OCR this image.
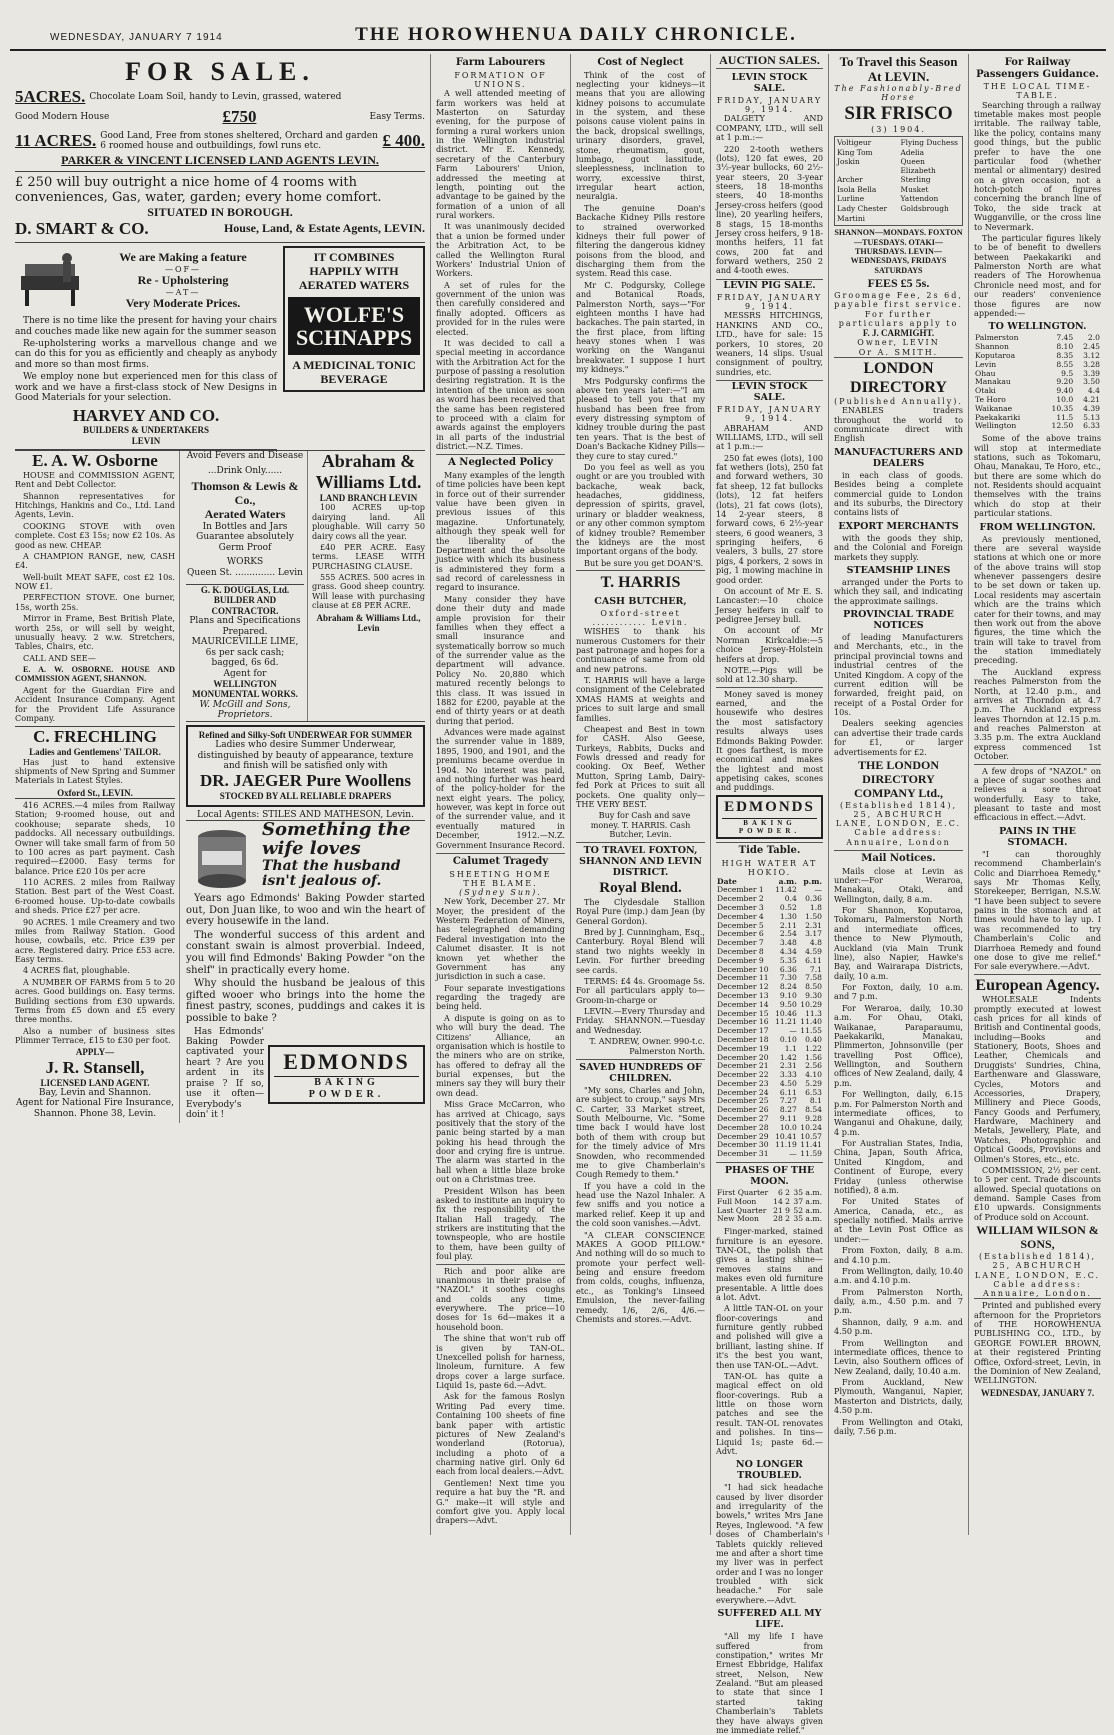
WEDNESDAY, JANUARY 7 1914	THE HOROWHENUA DAILY CHRONICLE.
FOR SALE.
5ACRES. Chocolate Loam Soil, handy to Levin, grassed, watered
Good Modern House	£750	Easy Terms.
11 ACRES. Good Land, Free from stones sheltered, Orchard and garden 6 roomed house and outbuildings, fowl runs etc.	£ 400.
PARKER & VINCENT LICENSED LAND AGENTS LEVIN.
£ 250 will buy outright a nice home of 4 rooms with conveniences, Gas, water, garden; every home comfort.
SITUATED IN BOROUGH.
D. SMART & CO.	House, Land, & Estate Agents, LEVIN.
We are Making a feature
—OF—
Re - Upholstering
—AT—
Very Moderate Prices.

There is no time like the present for having your chairs and couches made like new again for the summer season

Re-upholstering works a marvellous change and we can do this for you as efficiently and cheaply as anybody and more so than most firms.

We employ none but experienced men for this class of work and we have a first-class stock of New Designs in Good Materials for your selection.

HARVEY AND CO.
BUILDERS & UNDERTAKERS
LEVIN
IT COMBINES HAPPILY WITH AERATED WATERS
WOLFE'S SCHNAPPS
A MEDICINAL TONIC BEVERAGE
E. A. W. Osborne

HOUSE and COMMISSION AGENT, Rent and Debt Collector.

Shannon representatives for Hitchings, Hankins and Co., Ltd. Land Agents, Levin.

COOKING STOVE with oven complete. Cost £3 15s; now £2 10s. As good as new. CHEAP.

A CHAMPION RANGE, new, CASH £4.

Well-built MEAT SAFE, cost £2 10s. NOW £1.

PERFECTION STOVE. One burner, 15s, worth 25s.

Mirror in Frame, Best British Plate, worth 25s, or will sell by weight, unusually heavy. 2 w.w. Stretchers, Tables, Chairs, etc.

CALL AND SEE—

E. A. W. OSBORNE. HOUSE AND COMMISSION AGENT, SHANNON.

Agent for the Guardian Fire and Accident Insurance Company. Agent for the Provident Life Assurance Company.

C. FRECHLING
Ladies and Gentlemens' TAILOR.

Has just to hand extensive shipments of New Spring and Summer Materials in Latest Styles.

Oxford St., LEVIN.

416 ACRES.—4 miles from Railway Station; 9-roomed house, out and cookhouse; separate sheds, 10 paddocks. All necessary outbuildings. Owner will take small farm of from 50 to 100 acres as part payment. Cash required—£2000. Easy terms for balance. Price £20 10s per acre

110 ACRES. 2 miles from Railway Station. Best part of the West Coast. 6-roomed house. Up-to-date cowbails and sheds. Price £27 per acre.

90 ACRES. 1 mile Creamery and two miles from Railway Station. Good house, cowbails, etc. Price £39 per acre. Registered dairy. Price £53 acre. Easy terms.

4 ACRES flat, ploughable.

A NUMBER OF FARMS from 5 to 20 acres. Good buildings on. Easy terms. Building sections from £30 upwards. Terms from £5 down and £5 every three months.

Also a number of business sites Plimmer Terrace, £15 to £30 per foot.

APPLY—
J. R. Stansell,
LICENSED LAND AGENT.
Bay, Levin and Shannon.
Agent for National Fire Insurance, Shannon. Phone 38, Levin.
Avoid Fevers and Disease
...Drink Only......
Thomson & Lewis & Co.,
Aerated Waters
In Bottles and Jars
Guarantee absolutely Germ Proof
WORKS
Queen St. .............. Levin
G. K. DOUGLAS, Ltd.
BUILDER AND CONTRACTOR.
Plans and Specifications Prepared. MAURICEVILLE LIME, 6s per sack cash; bagged, 6s 6d.
Agent for
WELLINGTON MONUMENTAL WORKS.
W. McGill and Sons, Proprietors.
Abraham & Williams Ltd.
LAND BRANCH LEVIN

100 ACRES up-top dairying land. All ploughable. Will carry 50 dairy cows all the year.

£40 PER ACRE. Easy terms. LEASE WITH PURCHASING CLAUSE.

555 ACRES. 500 acres in grass. Good sheep country. Will lease with purchasing clause at £8 PER ACRE.

Abraham & Williams Ltd., Levin
Refined and Silky-Soft UNDERWEAR FOR SUMMER
Ladies who desire Summer Underwear, distinguished by beauty of appearance, texture and finish will be satisfied only with
DR. JAEGER Pure Woollens
STOCKED BY ALL RELIABLE DRAPERS
Local Agents: STILES AND MATHESON, Levin.
Something the wife loves
That the husband isn't jealous of.

Years ago Edmonds' Baking Powder started out, Don Juan like, to woo and win the heart of every housewife in the land.

The wonderful success of this ardent and constant swain is almost proverbial. Indeed, you will find Edmonds' Baking Powder "on the shelf" in practically every home.

Why should the husband be jealous of this gifted wooer who brings into the home the finest pastry, scones, puddings and cakes it is possible to bake ?

Has Edmonds' Baking Powder captivated your heart ? Are you ardent in its praise ? If so, use it often—Everybody's doin' it !

EDMONDS
BAKING POWDER.
Farm Labourers
FORMATION OF UNIONS.

A well attended meeting of farm workers was held at Masterton on Saturday evening, for the purpose of forming a rural workers union in the Wellington industrial district. Mr E. Kennedy, secretary of the Canterbury Farm Labourers' Union, addressed the meeting at length, pointing out the advantage to be gained by the formation of a union of all rural workers.

It was unanimously decided that a union be formed under the Arbitration Act, to be called the Wellington Rural Workers' Industrial Union of Workers.

A set of rules for the government of the union was then carefully considered and finally adopted. Officers as provided for in the rules were elected.

It was decided to call a special meeting in accordance with the Arbitration Act for the purpose of passing a resolution desiring registration. It is the intention of the union as soon as word has been received that the same has been registered to proceed with a claim for awards against the employers in all parts of the industrial district.—N.Z. Times.

A Neglected Policy

Many examples of the length of time policies have been kept in force out of their surrender value have been given in previous issues of this magazine. Unfortunately, although they speak well for the liberality of the Department and the absolute justice with which its business is administered they form a sad record of carelessness in regard to insurance.

Many consider they have done their duty and made ample provision for their families when they effect a small insurance and systematically borrow so much of the surrender value as the department will advance. Policy No. 20,880 which matured recently belongs to this class. It was issued in 1882 for £200, payable at the end of thirty years or at death during that period.

Advances were made against the surrender value in 1889, 1895, 1900, and 1901, and the premiums became overdue in 1904. No interest was paid, and nothing further was heard of the policy-holder for the next eight years. The policy, however, was kept in force out of the surrender value, and it eventually matured in December, 1912.—N.Z. Government Insurance Record.

Calumet Tragedy
SHEETING HOME THE BLAME.
(Sydney Sun).

New York, December 27. Mr Moyer, the president of the Western Federation of Miners, has telegraphed demanding Federal investigation into the Calumet disaster. It is not known yet whether the Government has any jurisdiction in such a case.

Four separate investigations regarding the tragedy are being held.

A dispute is going on as to who will bury the dead. The Citizens' Alliance, an organisation which is hostile to the miners who are on strike, has offered to defray all the burial expenses, but the miners say they will bury their own dead.

Miss Grace McCarron, who has arrived at Chicago, says positively that the story of the panic being started by a man poking his head through the door and crying fire is untrue. The alarm was started in the hall when a little blaze broke out on a Christmas tree.

President Wilson has been asked to institute an inquiry to fix the responsibility of the Italian Hall tragedy. The strikers are instituting that the townspeople, who are hostile to them, have been guilty of foul play.

Rich and poor alike are unanimous in their praise of "NAZOL" it soothes coughs and colds any time, everywhere. The price—10 doses for 1s 6d—makes it a household boon.

The shine that won't rub off is given by TAN-OL. Unexcelled polish for harness, linoleum, furniture. A few drops cover a large surface. Liquid 1s, paste 6d.—Advt.

Ask for the famous Roslyn Writing Pad every time. Containing 100 sheets of fine bank paper with artistic pictures of New Zealand's wonderland (Rotorua), including a photo of a charming native girl. Only 6d each from local dealers.—Advt.

Gentlemen! Next time you require a hat buy the "R. and G." make—it will style and comfort give you. Apply local drapers—Advt.

Cost of Neglect

Think of the cost of neglecting your kidneys—it means that you are allowing kidney poisons to accumulate in the system, and these poisons cause violent pains in the back, dropsical swellings, urinary disorders, gravel, stone, rheumatism, gout, lumbago, gout lassitude, sleeplessness, inclination to worry, excessive thirst, irregular heart action, neuralgia.

The genuine Doan's Backache Kidney Pills restore to strained overworked kidneys their full power of filtering the dangerous kidney poisons from the blood, and discharging them from the system. Read this case.

Mr C. Podgursky, College and Botanical Roads, Palmerston North, says—"For eighteen months I have had backaches. The pain started, in the first place, from lifting heavy stones when I was working on the Wanganui breakwater. I suppose I hurt my kidneys."

Mrs Podgursky confirms the above ten years later:—"I am pleased to tell you that my husband has been free from every distressing symptom of kidney trouble during the past ten years. That is the best of Doan's Backache Kidney Pills—they cure to stay cured."

Do you feel as well as you ought or are you troubled with backache, weak back, headaches, giddiness, depression of spirits, gravel, urinary or bladder weakness, or any other common symptom of kidney trouble? Remember the kidneys are the most important organs of the body.

But be sure you get DOAN'S.

T. HARRIS
CASH BUTCHER,
Oxford-street ............ Levin.

WISHES to thank his numerous Customers for their past patronage and hopes for a continuance of same from old and new patrons.

T. HARRIS will have a large consignment of the Celebrated XMAS HAMS at weights and prices to suit large and small families.

Cheapest and Best in town for CASH. Also Geese, Turkeys, Rabbits, Ducks and Fowls dressed and ready for cooking. Ox Beef, Wether Mutton, Spring Lamb, Dairy-fed Pork at Prices to suit all pockets. One quality only—THE VERY BEST.

Buy for Cash and save money. T. HARRIS. Cash Butcher, Levin.

TO TRAVEL FOXTON, SHANNON AND LEVIN DISTRICT.
Royal Blend.

The Clydesdale Stallion Royal Pure (imp.) dam Jean (by General Gordon).

Bred by J. Cunningham, Esq., Canterbury. Royal Blend will stand two nights weekly in Levin. For further breeding see cards.

TERMS: £4 4s. Groomage 5s. For all particulars apply to—Groom-in-charge or

LEVIN.—Every Thursday and Friday. SHANNON.—Tuesday and Wednesday.

T. ANDREW, Owner. 990-t.c. Palmerston North.

SAVED HUNDREDS OF CHILDREN.

"My sons, Charles and John, are subject to croup," says Mrs C. Carter, 33 Market street, South Melbourne, Vic. "Some time back I would have lost both of them with croup but for the timely advice of Mrs Snowden, who recommended me to give Chamberlain's Cough Remedy to them."

If you have a cold in the head use the Nazol Inhaler. A few sniffs and you notice a marked relief. Keep it up and the cold soon vanishes.—Advt.

"A CLEAR CONSCIENCE MAKES A GOOD PILLOW." And nothing will do so much to promote your perfect well-being and ensure freedom from colds, coughs, influenza, etc., as Tonking's Linseed Emulsion, the never-failing remedy. 1/6, 2/6, 4/6.—Chemists and stores.—Advt.

AUCTION SALES.
LEVIN STOCK SALE.
FRIDAY, JANUARY 9, 1914.

DALGETY AND COMPANY, LTD., will sell at 1 p.m.:—

220 2-tooth wethers (lots), 120 fat ewes, 20 3½-year bullocks, 60 2½-year steers, 20 3-year steers, 18 18-months steers, 40 18-months Jersey-cross heifers (good line), 20 yearling heifers, 8 stags, 15 18-months Jersey cross heifers, 9 18-months heifers, 11 fat cows, 200 fat and forward wethers, 250 2 and 4-tooth ewes.

LEVIN PIG SALE.
FRIDAY, JANUARY 9, 1914.

MESSRS HITCHINGS, HANKINS AND CO., LTD., have for sale: 15 porkers, 10 stores, 20 weaners, 14 slips. Usual consignment of poultry, sundries, etc.

LEVIN STOCK SALE.
FRIDAY, JANUARY 9, 1914.

ABRAHAM AND WILLIAMS, LTD., will sell at 1 p.m.:—

250 fat ewes (lots), 100 fat wethers (lots), 250 fat and forward wethers, 30 fat sheep, 12 fat bullocks (lots), 12 fat heifers (lots), 21 fat cows (lots), 14 2-year steers, 8 forward cows, 6 2½-year steers, 6 good weaners, 3 springing heifers, 6 vealers, 3 bulls, 27 store pigs, 4 porkers, 2 sows in pig, 1 mowing machine in good order.

On account of Mr E. S. Lancaster:—10 choice Jersey heifers in calf to pedigree Jersey bull.

On account of Mr Norman Kirkcaldie:—5 choice Jersey-Holstein heifers at drop.

NOTE.—Pigs will be sold at 12.30 sharp.

Money saved is money earned, and the housewife who desires the most satisfactory results always uses Edmonds Baking Powder. It goes farthest, is more economical and makes the lightest and most appetising cakes, scones and puddings.

EDMONDS
BAKING POWDER.
Tide Table.
HIGH WATER AT HOKIO.
Date	a.m.	p.m.
December 1	11.42	—
December 2	0.4	0.36
December 3	0.52	1.8
December 4	1.30	1.50
December 5	2.11	2.31
December 6	2.54	3.17
December 7	3.48	4.8
December 8	4.34	4.59
December 9	5.35	6.11
December 10	6.36	7.1
December 11	7.30	7.58
December 12	8.24	8.50
December 13	9.10	9.30
December 14	9.50	10.29
December 15	10.46	11.3
December 16	11.21	11.40
December 17	—	11.55
December 18	0.10	0.40
December 19	1.1	1.22
December 20	1.42	1.56
December 21	2.31	2.56
December 22	3.33	4.10
December 23	4.50	5.29
December 24	6.11	6.53
December 25	7.27	8.1
December 26	8.27	8.54
December 27	9.11	9.28
December 28	10.0	10.24
December 29	10.41	10.57
December 30	11.19	11.41
December 31	—	11.59
PHASES OF THE MOON.
First Quarter	6	2	35 a.m.
Full Moon	14	2	37 a.m.
Last Quarter	21	9	52 a.m.
New Moon	28	2	35 a.m.

Finger-marked, stained furniture is an eyesore. TAN-OL, the polish that gives a lasting shine—removes stains and makes even old furniture presentable. A little does a lot. Advt.

A little TAN-OL on your floor-coverings and furniture gently rubbed and polished will give a brilliant, lasting shine. If it's the best you want, then use TAN-OL.—Advt.

TAN-OL has quite a magical effect on old floor-coverings. Rub a little on those worn patches and see the result. TAN-OL renovates and polishes. In tins—Liquid 1s; paste 6d.—Advt.

NO LONGER TROUBLED.

"I had sick headache caused by liver disorder and irregularity of the bowels," writes Mrs Jane Reyes, Inglewood. "A few doses of Chamberlain's Tablets quickly relieved me and after a short time my liver was in perfect order and I was no longer troubled with sick headache." For sale everywhere.—Advt.

SUFFERED ALL MY LIFE.

"All my life I have suffered from constipation," writes Mr Ernest Ebbridge, Halifax street, Nelson, New Zealand. "But am pleased to state that since I started taking Chamberlain's Tablets they have always given me immediate relief."

To Travel this Season At LEVIN.
The Fashionably-Bred Horse
SIR FRISCO
(3) 1904.
Voltigeur	Flying Duchess
King Tom	Adelia
Joskin	Queen Elizabeth
Archer	Sterling
Isola Bella	Musket
Lurline	Yattendon
Lady Chester	Goldsbrough
Martini

SHANNON—MONDAYS. FOXTON—TUESDAYS. OTAKI—THURSDAYS. LEVIN—WEDNESDAYS, FRIDAYS SATURDAYS

FEES £5 5s.
Groomage Fee, 2s 6d, payable first service.
For further particulars apply to
F. J. CARMIGHT.
Owner, LEVIN
Or A. SMITH.
LONDON DIRECTORY
(Published Annually).

ENABLES traders throughout the world to communicate direct with English

MANUFACTURERS AND DEALERS

in each class of goods. Besides being a complete commercial guide to London and its suburbs, the Directory contains lists of

EXPORT MERCHANTS

with the goods they ship, and the Colonial and Foreign markets they supply.

STEAMSHIP LINES

arranged under the Ports to which they sail, and indicating the approximate sailings.

PROVINCIAL TRADE NOTICES

of leading Manufacturers and Merchants, etc., in the principal provincial towns and industrial centres of the United Kingdom. A copy of the current edition will be forwarded, freight paid, on receipt of a Postal Order for 10s.

Dealers seeking agencies can advertise their trade cards for £1, or larger advertisements for £2.

THE LONDON DIRECTORY COMPANY Ltd.,
(Established 1814),
25, ABCHURCH LANE, LONDON, E.C. Cable address: Annuaire, London
Mail Notices.

Mails close at Levin as under:—For Weraroa, Manakau, Otaki, and Wellington, daily, 8 a.m.

For Shannon, Koputaroa, Tokomaru, Palmerston North and intermediate offices, thence to New Plymouth, Auckland (via Main Trunk line), also Napier, Hawke's Bay, and Wairarapa Districts, daily, 10 a.m.

For Foxton, daily, 10 a.m. and 7 p.m.

For Weraroa, daily, 10.30 a.m. For Ohau, Otaki, Waikanae, Paraparaumu, Paekakariki, Manakau, Plimmerton, Johnsonville (per travelling Post Office), Wellington, and Southern offices of New Zealand, daily, 4 p.m.

For Wellington, daily, 6.15 p.m. For Palmerston North and intermediate offices, to Wanganui and Ohakune, daily, 4 p.m.

For Australian States, India, China, Japan, South Africa, United Kingdom, and Continent of Europe, every Friday (unless otherwise notified), 8 a.m.

For United States of America, Canada, etc., as specially notified. Mails arrive at the Levin Post Office as under:—

From Foxton, daily, 8 a.m. and 4.10 p.m.

From Wellington, daily, 10.40 a.m. and 4.10 p.m.

From Palmerston North, daily, a.m., 4.50 p.m. and 7 p.m.

Shannon, daily, 9 a.m. and 4.50 p.m.

From Wellington and intermediate offices, thence to Levin, also Southern offices of New Zealand, daily, 10.40 a.m.

From Auckland, New Plymouth, Wanganui, Napier, Masterton and Districts, daily, 4.50 p.m.

From Wellington and Otaki, daily, 7.56 p.m.

For Railway Passengers Guidance.
THE LOCAL TIME-TABLE.

Searching through a railway timetable makes most people irritable. The railway table, like the policy, contains many good things, but the public prefer to have the one particular food (whether mental or alimentary) desired on a given occasion, not a hotch-potch of figures concerning the branch line of Toko, the side track at Wugganville, or the cross line to Nevermark.

The particular figures likely to be of benefit to dwellers between Paekakariki and Palmerston North are what readers of The Horowhenua Chronicle need most, and for our readers' convenience those figures are now appended:—

TO WELLINGTON.
Palmerston	7.45	2.0
Shannon	8.10	2.45
Koputaroa	8.35	3.12
Levin	8.55	3.28
Ohau	9.5	3.39
Manakau	9.20	3.50
Otaki	9.40	4.4
Te Horo	10.0	4.21
Waikanae	10.35	4.39
Paekakariki	11.5	5.13
Wellington	12.50	6.33

Some of the above trains will stop at intermediate stations, such as Tokomaru, Ohau, Manakau, Te Horo, etc., but there are some which do not. Residents should acquaint themselves with the trains which do stop at their particular stations.

FROM WELLINGTON.

As previously mentioned, there are several wayside stations at which one or more of the above trains will stop whenever passengers desire to be set down or taken up. Local residents may ascertain which are the trains which cater for their towns, and may then work out from the above figures, the time which the train will take to travel from the station immediately preceding.

The Auckland express reaches Palmerston from the North, at 12.40 p.m., and arrives at Thorndon at 4.7 p.m. The Auckland express leaves Thorndon at 12.15 p.m. and reaches Palmerston at 3.35 p.m. The extra Auckland express commenced 1st October.

A few drops of "NAZOL" on a piece of sugar soothes and relieves a sore throat wonderfully. Easy to take, pleasant to taste and most efficacious in effect.—Advt.

PAINS IN THE STOMACH.

"I can thoroughly recommend Chamberlain's Colic and Diarrhoea Remedy," says Mr Thomas Kelly, Storekeeper, Berrigan, N.S.W. "I have been subject to severe pains in the stomach and at times would have to lay up. I was recommended to try Chamberlain's Colic and Diarrhoea Remedy and found one dose to give me relief." For sale everywhere.—Advt.

European Agency.

WHOLESALE Indents promptly executed at lowest cash prices for all kinds of British and Continental goods, including—Books and Stationery, Boots, Shoes and Leather, Chemicals and Druggists' Sundries, China, Earthenware and Glassware, Cycles, Motors and Accessories, Drapery, Millinery and Piece Goods, Fancy Goods and Perfumery, Hardware, Machinery and Metals, Jewellery, Plate, and Watches, Photographic and Optical Goods, Provisions and Oilmen's Stores, etc., etc.

COMMISSION, 2½ per cent. to 5 per cent. Trade discounts allowed. Special quotations on demand. Sample Cases from £10 upwards. Consignments of Produce sold on Account.

WILLIAM WILSON & SONS,
(Established 1814),
25, ABCHURCH LANE, LONDON, E.C. Cable address: Annuaire, London.

Printed and published every afternoon for the Proprietors of THE HOROWHENUA PUBLISHING CO., LTD., by GEORGE FOWLER BROWN, at their registered Printing Office, Oxford-street, Levin, in the Dominion of New Zealand, WELLINGTON.

WEDNESDAY, JANUARY 7.
